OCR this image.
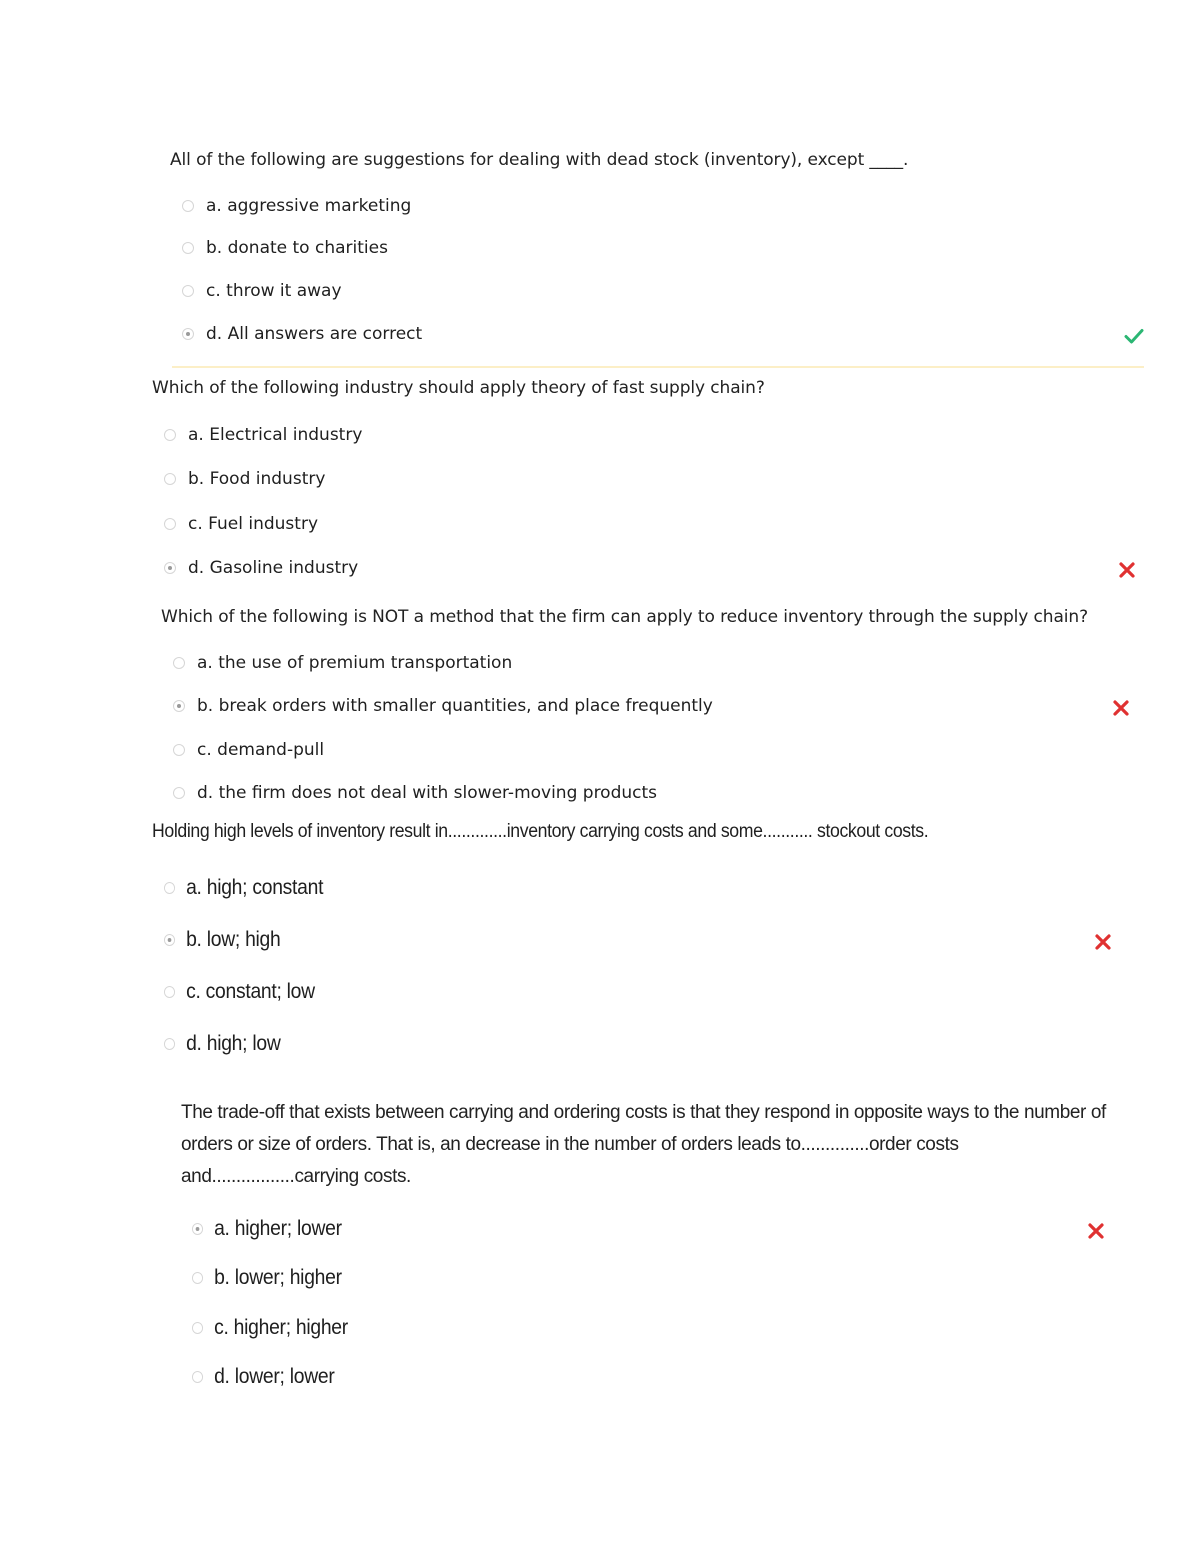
All of the following are suggestions for dealing with dead stock (inventory), except ____.
a. aggressive marketing
b. donate to charities
c. throw it away
d. All answers are correct
Which of the following industry should apply theory of fast supply chain?
a. Electrical industry
b. Food industry
c. Fuel industry
d. Gasoline industry
Which of the following is NOT a method that the firm can apply to reduce inventory through the supply chain?
a. the use of premium transportation
b. break orders with smaller quantities, and place frequently
c. demand-pull
d. the firm does not deal with slower-moving products
Holding high levels of inventory result in.............inventory carrying costs and some........... stockout costs.
a. high; constant
b. low; high
c. constant; low
d. high; low
The trade-off that exists between carrying and ordering costs is that they respond in opposite ways to the number of orders or size of orders. That is, an decrease in the number of orders leads to..............order costs and.................carrying costs.
a. higher; lower
b. lower; higher
c. higher; higher
d. lower; lower
